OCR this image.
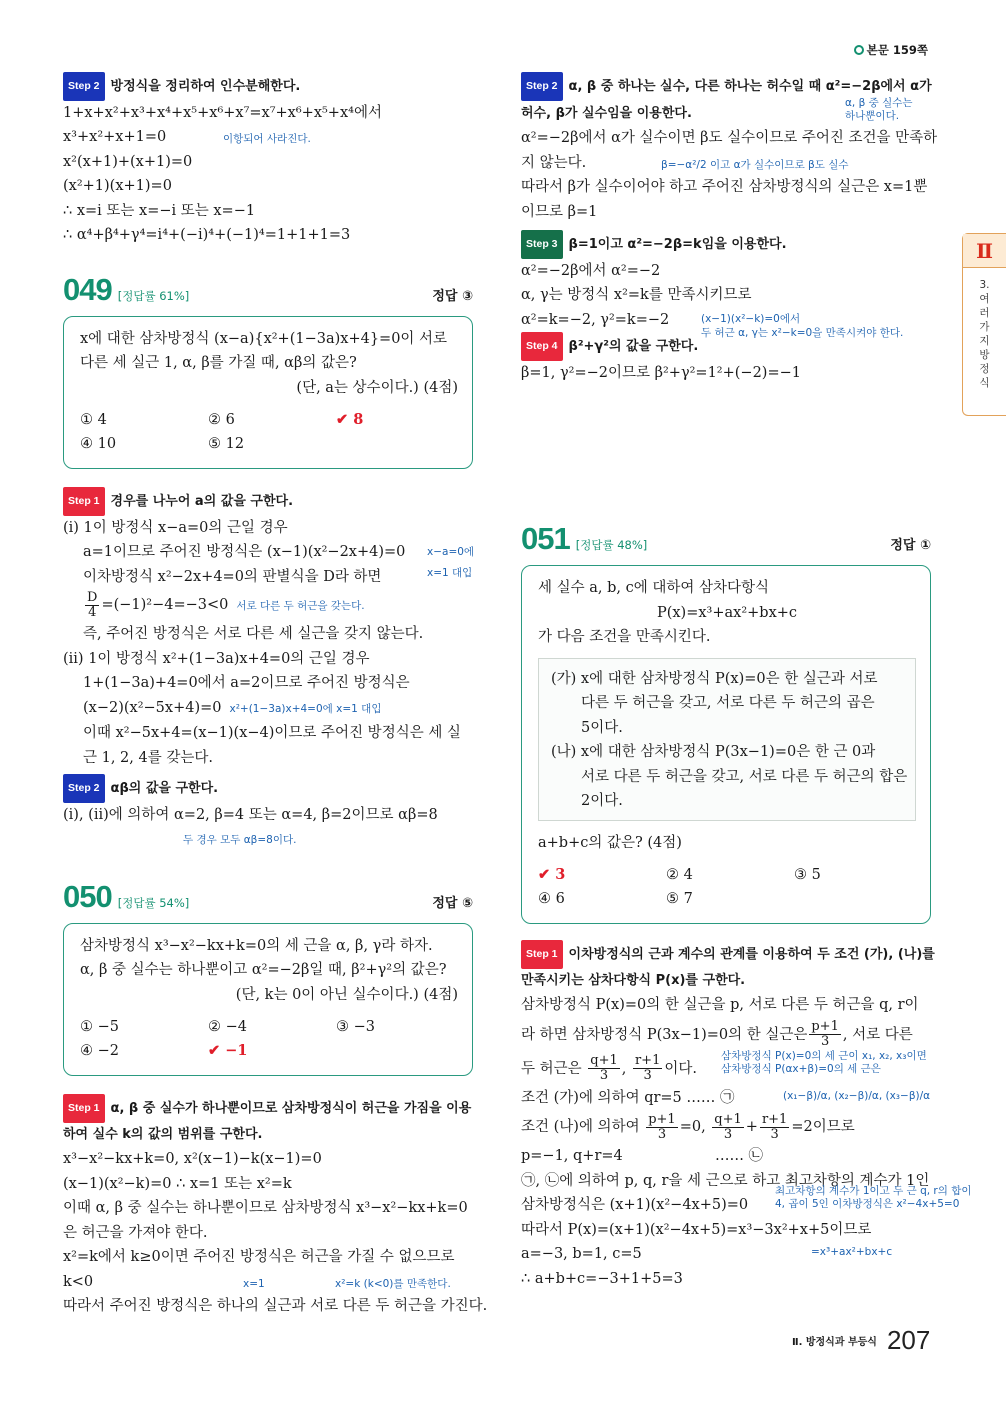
본문 159쪽
Ⅱ
3.여러가지방정식
Step 2 방정식을 정리하여 인수분해한다.
1+x+x²+x³+x⁴+x⁵+x⁶+x⁷=x⁷+x⁶+x⁵+x⁴에서
x³+x²+x+1=0	이항되어 사라진다.
x²(x+1)+(x+1)=0
(x²+1)(x+1)=0
∴ x=i 또는 x=−i 또는 x=−1
∴ α⁴+β⁴+γ⁴=i⁴+(−i)⁴+(−1)⁴=1+1+1=3
049 [정답률 61%]	정답 ③
x에 대한 삼차방정식 (x−a){x²+(1−3a)x+4}=0이 서로
다른 세 실근 1, α, β를 가질 때, αβ의 값은?
(단, a는 상수이다.) (4점)
① 4	② 6	✔ 8
④ 10	⑤ 12
Step 1 경우를 나누어 a의 값을 구한다.
(i) 1이 방정식 x−a=0의 근일 경우
a=1이므로 주어진 방정식은 (x−1)(x²−2x+4)=0 x−a=0에
이차방정식 x²−2x+4=0의 판별식을 D라 하면	x=1 대입
$\frac{D}{4} =(-1)^2-4=-3<0$ 서로 다른 두 허근을 갖는다.
즉, 주어진 방정식은 서로 다른 세 실근을 갖지 않는다.
(ii) 1이 방정식 x²+(1−3a)x+4=0의 근일 경우
1+(1−3a)+4=0에서 a=2이므로 주어진 방정식은
(x−2)(x²−5x+4)=0 x²+(1−3a)x+4=0에 x=1 대입
이때 x²−5x+4=(x−1)(x−4)이므로 주어진 방정식은 세 실
근 1, 2, 4를 갖는다.
Step 2 αβ의 값을 구한다.
(i), (ii)에 의하여 α=2, β=4 또는 α=4, β=2이므로 αβ=8
두 경우 모두 αβ=8이다.
050 [정답률 54%]	정답 ⑤
삼차방정식 x³−x²−kx+k=0의 세 근을 α, β, γ라 하자.
α, β 중 실수는 하나뿐이고 α²=−2β일 때, β²+γ²의 값은?
(단, k는 0이 아닌 실수이다.) (4점)
① −5	② −4	③ −3
④ −2	✔ −1
Step 1 α, β 중 실수가 하나뿐이므로 삼차방정식이 허근을 가짐을 이용
하여 실수 k의 값의 범위를 구한다.
x³−x²−kx+k=0, x²(x−1)−k(x−1)=0
(x−1)(x²−k)=0 ∴ x=1 또는 x²=k
이때 α, β 중 실수는 하나뿐이므로 삼차방정식 x³−x²−kx+k=0
은 허근을 가져야 한다.
x²=k에서 k≥0이면 주어진 방정식은 허근을 가질 수 없으므로
k<0	x=1	x²=k (k<0)를 만족한다.
따라서 주어진 방정식은 하나의 실근과 서로 다른 두 허근을 가진다.
Step 2 α, β 중 하나는 실수, 다른 하나는 허수일 때 α²=−2β에서 α가
허수, β가 실수임을 이용한다.
α, β 중 실수는
하나뿐이다.
α²=−2β에서 α가 실수이면 β도 실수이므로 주어진 조건을 만족하
지 않는다.	β=−α²/2 이고 α가 실수이므로 β도 실수
따라서 β가 실수이어야 하고 주어진 삼차방정식의 실근은 x=1뿐
이므로 β=1
Step 3 β=1이고 α²=−2β=k임을 이용한다.
α²=−2β에서 α²=−2
α, γ는 방정식 x²=k를 만족시키므로
α²=k=−2, γ²=k=−2	(x−1)(x²−k)=0에서
두 허근 α, γ는 x²−k=0을 만족시켜야 한다.
Step 4 β²+γ²의 값을 구한다.
β=1, γ²=−2이므로 β²+γ²=1²+(−2)=−1
051 [정답률 48%]	정답 ①
세 실수 a, b, c에 대하여 삼차다항식
P(x)=x³+ax²+bx+c
가 다음 조건을 만족시킨다.
(가) x에 대한 삼차방정식 P(x)=0은 한 실근과 서로
다른 두 허근을 갖고, 서로 다른 두 허근의 곱은
5이다.
(나) x에 대한 삼차방정식 P(3x−1)=0은 한 근 0과
서로 다른 두 허근을 갖고, 서로 다른 두 허근의 합은
2이다.
a+b+c의 값은? (4점)
✔ 3	② 4	③ 5
④ 6	⑤ 7
Step 1 이차방정식의 근과 계수의 관계를 이용하여 두 조건 (가), (나)를
만족시키는 삼차다항식 P(x)를 구한다.
삼차방정식 P(x)=0의 한 실근을 p, 서로 다른 두 허근을 q, r이
라 하면 삼차방정식 P(3x−1)=0의 한 실근은 $\frac{p+1}{3}$ , 서로 다른
두 허근은 $\frac{q+1}{3}$ , $\frac{r+1}{3}$ 이다.
삼차방정식 P(x)=0의 세 근이 x₁, x₂, x₃이면
삼차방정식 P(αx+β)=0의 세 근은
조건 (가)에 의하여 qr=5 …… ㉠	(x₁−β)/α, (x₂−β)/α, (x₃−β)/α
조건 (나)에 의하여 $\frac{p+1}{3} =0$, $\frac{q+1}{3} + \frac{r+1}{3} =2$이므로
p=−1, q+r=4                    …… ㉡
㉠, ㉡에 의하여 p, q, r을 세 근으로 하고 최고차항의 계수가 1인
삼차방정식은 (x+1)(x²−4x+5)=0
최고차항의 계수가 1이고 두 근 q, r의 합이
4, 곱이 5인 이차방정식은 x²−4x+5=0
따라서 P(x)=(x+1)(x²−4x+5)=x³−3x²+x+5이므로
a=−3, b=1, c=5	=x³+ax²+bx+c
∴ a+b+c=−3+1+5=3
Ⅱ. 방정식과 부등식 207
